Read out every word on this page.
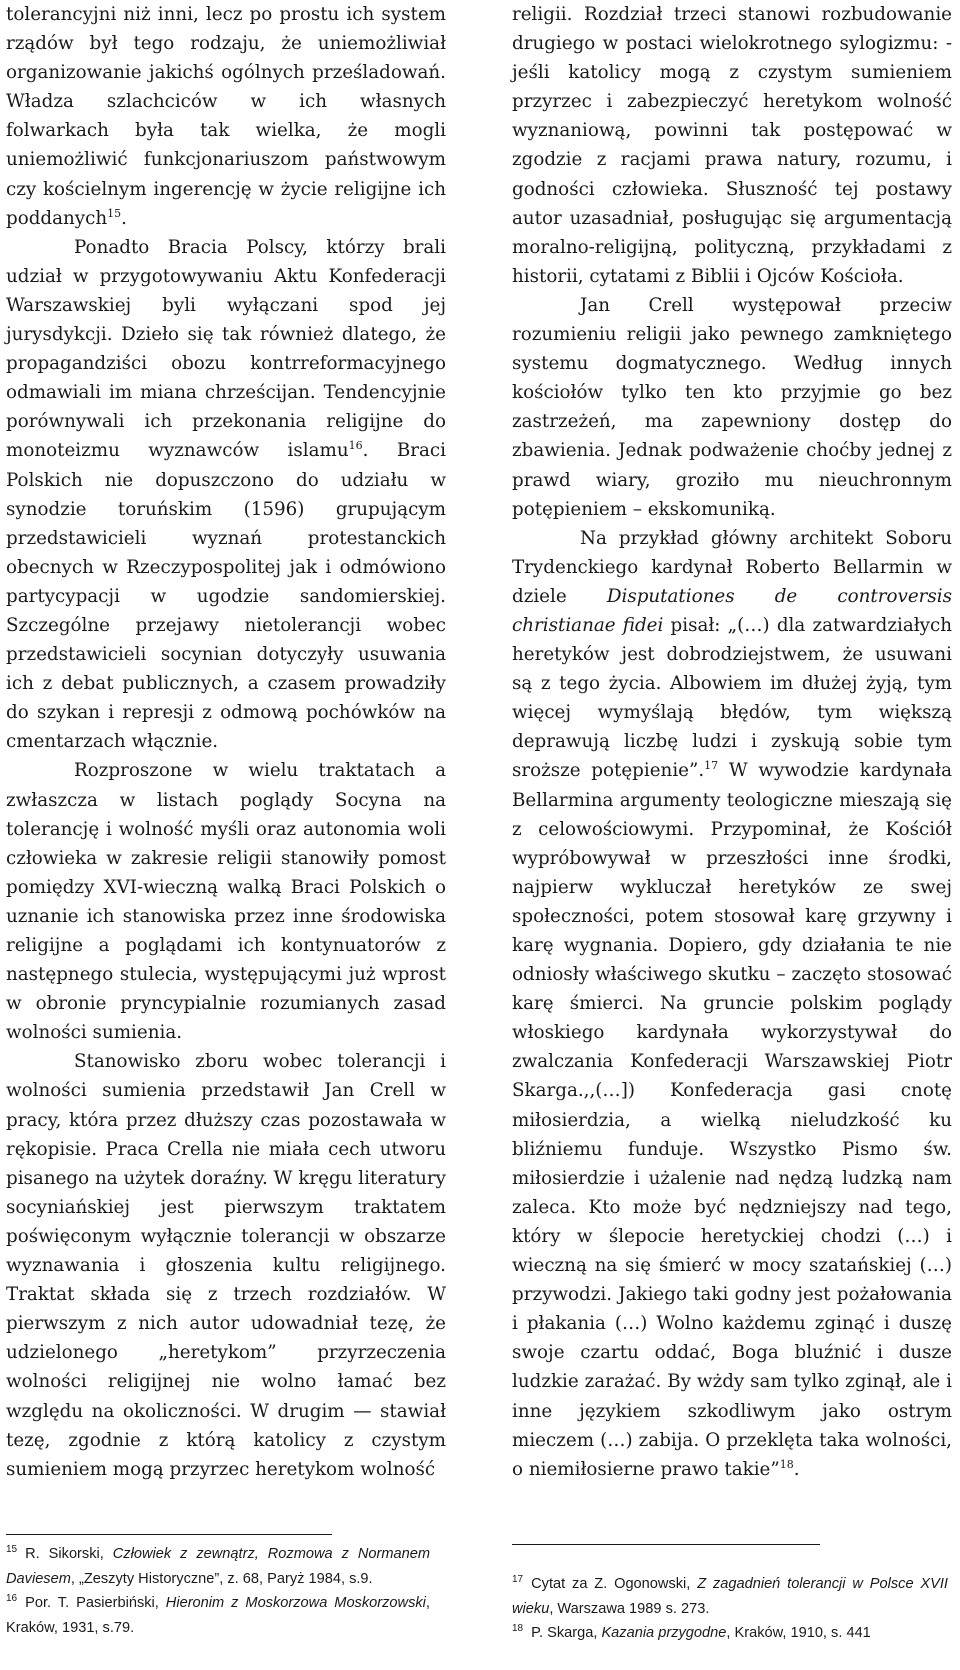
tolerancyjni niż inni, lecz po prostu ich system rządów był tego rodzaju, że uniemożliwiał organizowanie jakichś ogólnych prześladowań. Władza szlachciców w ich własnych folwarkach była tak wielka, że mogli uniemożliwić funkcjonariuszom państwowym czy kościelnym ingerencję w życie religijne ich poddanych$^{15}$.

Ponadto Bracia Polscy, którzy brali udział w przygotowywaniu Aktu Konfederacji Warszawskiej byli wyłączani spod jej jurysdykcji. Dzieło się tak również dlatego, że propagandziści obozu kontrreformacyjnego odmawiali im miana chrześcijan. Tendencyjnie porównywali ich przekonania religijne do monoteizmu wyznawców islamu$^{16}$. Braci Polskich nie dopuszczono do udziału w synodzie toruńskim (1596) grupującym przedstawicieli wyznań protestanckich obecnych w Rzeczypospolitej jak i odmówiono partycypacji w ugodzie sandomierskiej. Szczególne przejawy nietolerancji wobec przedstawicieli socynian dotyczyły usuwania ich z debat publicznych, a czasem prowadziły do szykan i represji z odmową pochówków na cmentarzach włącznie.

Rozproszone w wielu traktatach a zwłaszcza w listach poglądy Socyna na tolerancję i wolność myśli oraz autonomia woli człowieka w zakresie religii stanowiły pomost pomiędzy XVI-wieczną walką Braci Polskich o uznanie ich stanowiska przez inne środowiska religijne a poglądami ich kontynuatorów z następnego stulecia, występującymi już wprost w obronie pryncypialnie rozumianych zasad wolności sumienia.

Stanowisko zboru wobec tolerancji i wolności sumienia przedstawił Jan Crell w pracy, która przez dłuższy czas pozostawała w rękopisie. Praca Crella nie miała cech utworu pisanego na użytek doraźny. W kręgu literatury socyniańskiej jest pierwszym traktatem poświęconym wyłącznie tolerancji w obszarze wyznawania i głoszenia kultu religijnego. Traktat składa się z trzech rozdziałów. W pierwszym z nich autor udowadniał tezę, że udzielonego „heretykom” przyrzeczenia wolności religijnej nie wolno łamać bez względu na okoliczności. W drugim — stawiał tezę, zgodnie z którą katolicy z czystym sumieniem mogą przyrzec heretykom wolność

religii. Rozdział trzeci stanowi rozbudowanie drugiego w postaci wielokrotnego sylogizmu: - jeśli katolicy mogą z czystym sumieniem przyrzec i zabezpieczyć heretykom wolność wyznaniową, powinni tak postępować w zgodzie z racjami prawa natury, rozumu, i godności człowieka. Słuszność tej postawy autor uzasadniał, posługując się argumentacją moralno-religijną, polityczną, przykładami z historii, cytatami z Biblii i Ojców Kościoła.

Jan Crell występował przeciw rozumieniu religii jako pewnego zamkniętego systemu dogmatycznego. Według innych kościołów tylko ten kto przyjmie go bez zastrzeżeń, ma zapewniony dostęp do zbawienia. Jednak podważenie choćby jednej z prawd wiary, groziło mu nieuchronnym potępieniem – ekskomuniką.

Na przykład główny architekt Soboru Trydenckiego kardynał Roberto Bellarmin w dziele Disputationes de controversis christianae fidei pisał: „(…) dla zatwardziałych heretyków jest dobrodziejstwem, że usuwani są z tego życia. Albowiem im dłużej żyją, tym więcej wymyślają błędów, tym większą deprawują liczbę ludzi i zyskują sobie tym sroższe potępienie”.$^{17}$ W wywodzie kardynała Bellarmina argumenty teologiczne mieszają się z celowościowymi. Przypominał, że Kościół wypróbowywał w przeszłości inne środki, najpierw wykluczał heretyków ze swej społeczności, potem stosował karę grzywny i karę wygnania. Dopiero, gdy działania te nie odniosły właściwego skutku – zaczęto stosować karę śmierci. Na gruncie polskim poglądy włoskiego kardynała wykorzystywał do zwalczania Konfederacji Warszawskiej Piotr Skarga.,,(…]) Konfederacja gasi cnotę miłosierdzia, a wielką nieludzkość ku bliźniemu funduje. Wszystko Pismo św. miłosierdzie i użalenie nad nędzą ludzką nam zaleca. Kto może być nędzniejszy nad tego, który w ślepocie heretyckiej chodzi (…) i wieczną na się śmierć w mocy szatańskiej (…) przywodzi. Jakiego taki godny jest pożałowania i płakania (…) Wolno każdemu zginąć i duszę swoje czartu oddać, Boga bluźnić i dusze ludzkie zarażać. By wżdy sam tylko zginął, ale i inne językiem szkodliwym jako ostrym mieczem (…) zabija. O przeklęta taka wolności, o niemiłosierne prawo takie”$^{18}$.

$^{15}$ R. Sikorski, Człowiek z zewnątrz, Rozmowa z Normanem Daviesem, „Zeszyty Historyczne”, z. 68, Paryż 1984, s.9.

$^{16}$ Por. T. Pasierbiński, Hieronim z Moskorzowa Moskorzowski, Kraków, 1931, s.79.

$^{17}$ Cytat za Z. Ogonowski, Z zagadnień tolerancji w Polsce XVII wieku, Warszawa 1989 s. 273.

$^{18}$ P. Skarga, Kazania przygodne, Kraków, 1910, s. 441
